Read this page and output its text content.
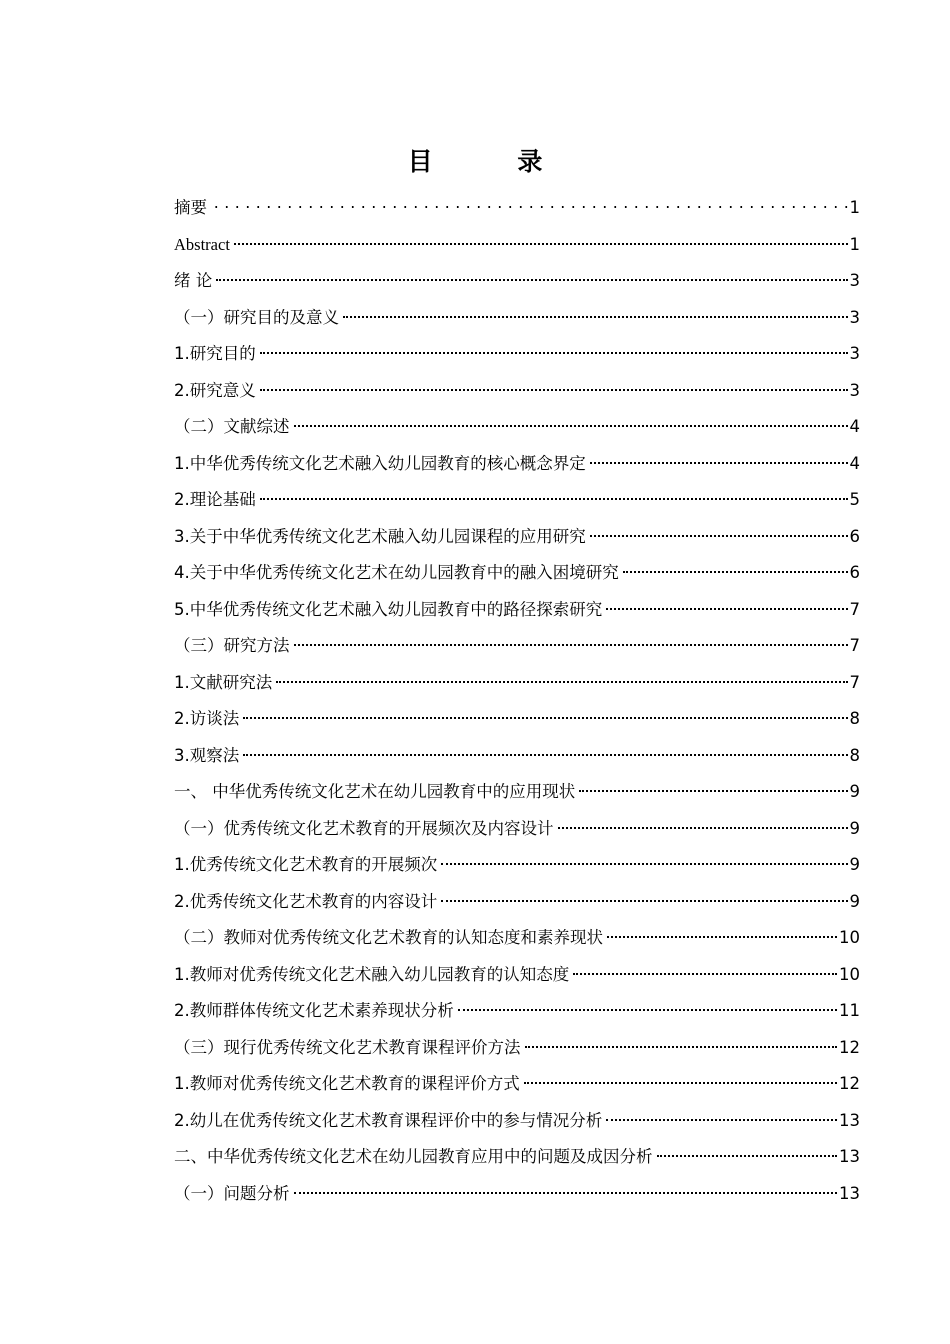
目 录
摘要	1
Abstract	1
绪 论	3
（一）研究目的及意义	3
1.研究目的	3
2.研究意义	3
（二）文献综述	4
1.中华优秀传统文化艺术融入幼儿园教育的核心概念界定	4
2.理论基础	5
3.关于中华优秀传统文化艺术融入幼儿园课程的应用研究	6
4.关于中华优秀传统文化艺术在幼儿园教育中的融入困境研究	6
5.中华优秀传统文化艺术融入幼儿园教育中的路径探索研究	7
（三）研究方法	7
1.文献研究法	7
2.访谈法	8
3.观察法	8
一、 中华优秀传统文化艺术在幼儿园教育中的应用现状	9
（一）优秀传统文化艺术教育的开展频次及内容设计	9
1.优秀传统文化艺术教育的开展频次	9
2.优秀传统文化艺术教育的内容设计	9
（二）教师对优秀传统文化艺术教育的认知态度和素养现状	10
1.教师对优秀传统文化艺术融入幼儿园教育的认知态度	10
2.教师群体传统文化艺术素养现状分析	11
（三）现行优秀传统文化艺术教育课程评价方法	12
1.教师对优秀传统文化艺术教育的课程评价方式	12
2.幼儿在优秀传统文化艺术教育课程评价中的参与情况分析	13
二、中华优秀传统文化艺术在幼儿园教育应用中的问题及成因分析	13
（一）问题分析	13
